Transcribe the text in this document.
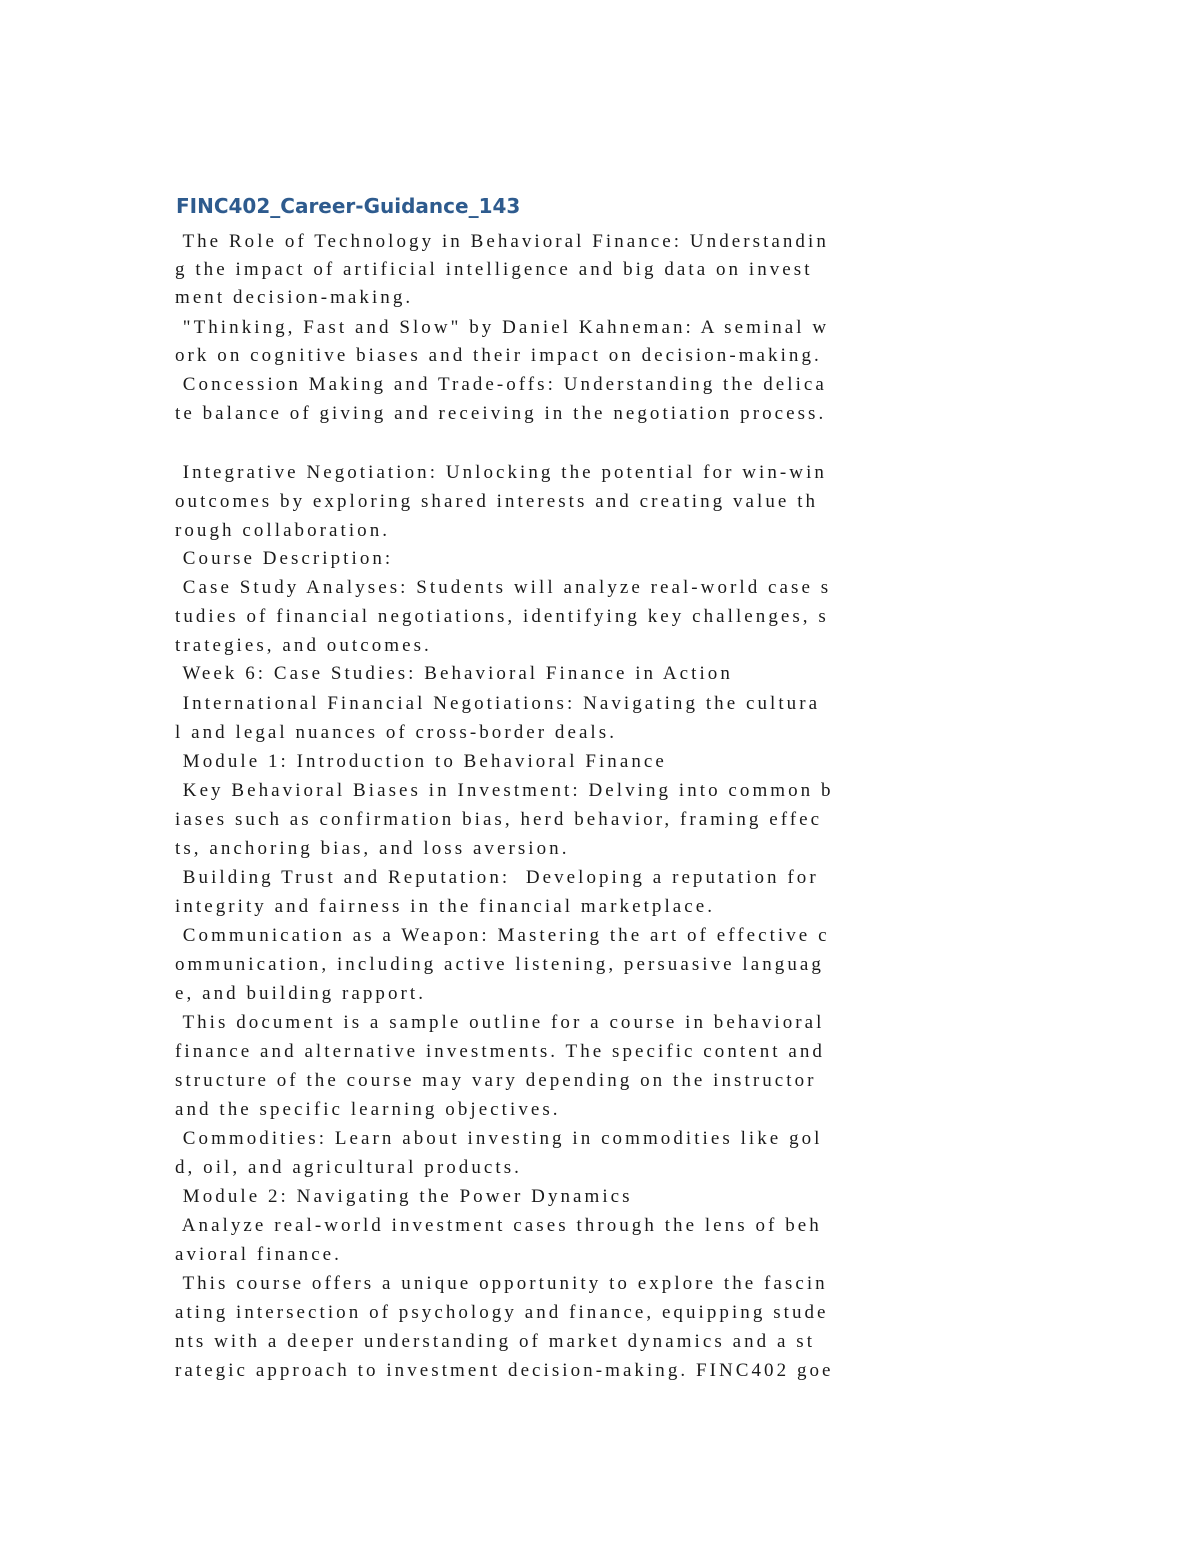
FINC402_Career-Guidance_143
The Role of Technology in Behavioral Finance: Understandin
g the impact of artificial intelligence and big data on invest
ment decision-making.
"Thinking, Fast and Slow" by Daniel Kahneman: A seminal w
ork on cognitive biases and their impact on decision-making.
Concession Making and Trade-offs: Understanding the delica
te balance of giving and receiving in the negotiation process.
Integrative Negotiation: Unlocking the potential for win-win
outcomes by exploring shared interests and creating value th
rough collaboration.
Course Description:
Case Study Analyses: Students will analyze real-world case s
tudies of financial negotiations, identifying key challenges, s
trategies, and outcomes.
Week 6: Case Studies: Behavioral Finance in Action
International Financial Negotiations: Navigating the cultura
l and legal nuances of cross-border deals.
Module 1: Introduction to Behavioral Finance
Key Behavioral Biases in Investment: Delving into common b
iases such as confirmation bias, herd behavior, framing effec
ts, anchoring bias, and loss aversion.
Building Trust and Reputation:  Developing a reputation for
integrity and fairness in the financial marketplace.
Communication as a Weapon: Mastering the art of effective c
ommunication, including active listening, persuasive languag
e, and building rapport.
This document is a sample outline for a course in behavioral
finance and alternative investments. The specific content and
structure of the course may vary depending on the instructor
and the specific learning objectives.
Commodities: Learn about investing in commodities like gol
d, oil, and agricultural products.
Module 2: Navigating the Power Dynamics
Analyze real-world investment cases through the lens of beh
avioral finance.
This course offers a unique opportunity to explore the fascin
ating intersection of psychology and finance, equipping stude
nts with a deeper understanding of market dynamics and a st
rategic approach to investment decision-making. FINC402 goe
